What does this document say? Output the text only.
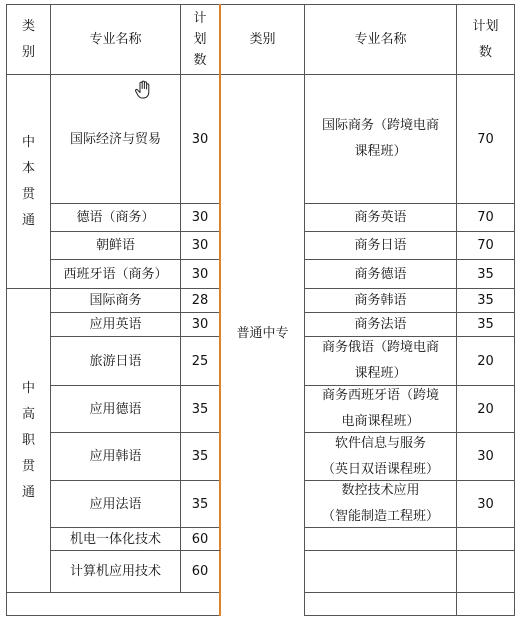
类
别
专业名称
计
划
数
类别	专业名称
计划
数
中
本
贯
通
中
高
职
贯
通
普通中专
国际经济与贸易
德语（商务）
朝鲜语
西班牙语（商务）
国际商务
应用英语
旅游日语
应用德语
应用韩语
应用法语
机电一体化技术
计算机应用技术
30
30
30
30
28
30
25
35
35
35
60
60
国际商务（跨境电商
课程班）
商务英语
商务日语
商务德语
商务韩语
商务法语
商务俄语（跨境电商
课程班）
商务西班牙语（跨境
电商课程班）
软件信息与服务
（英日双语课程班）
数控技术应用
（智能制造工程班）
70
70
70
35
35
35
20
20
30
30
